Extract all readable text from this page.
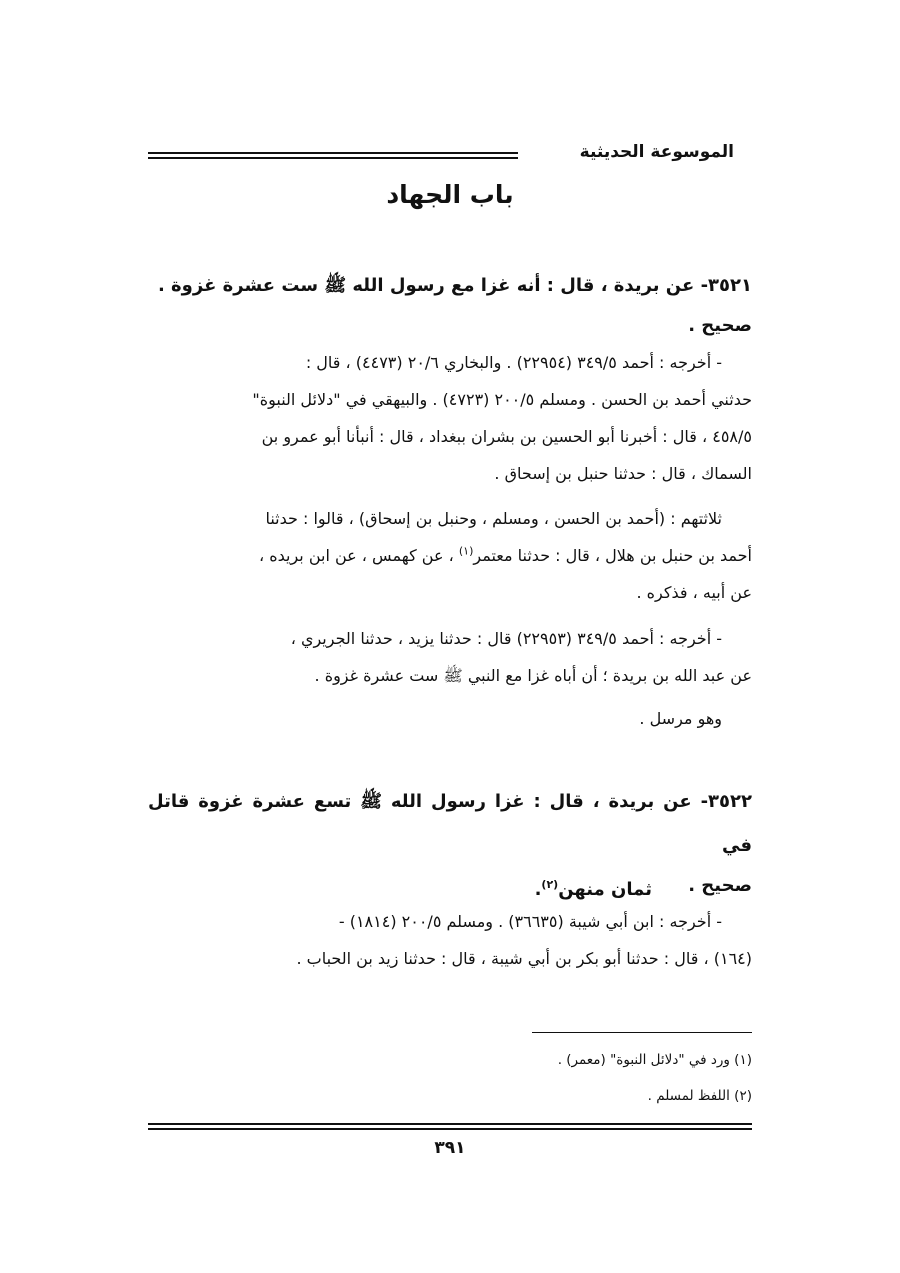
الموسوعة الحديثية
باب الجهاد
٣٥٢١- عن بريدة ، قال : أنه غزا مع رسول الله ﷺ ست عشرة غزوة .
صحيح .
- أخرجه : أحمد ٣٤٩/٥ (٢٢٩٥٤) . والبخاري ٢٠/٦ (٤٤٧٣) ، قال :
حدثني أحمد بن الحسن . ومسلم ٢٠٠/٥ (٤٧٢٣) . والبيهقي في "دلائل النبوة"
٤٥٨/٥ ، قال : أخبرنا أبو الحسين بن بشران ببغداد ، قال : أنبأنا أبو عمرو بن
السماك ، قال : حدثنا حنبل بن إسحاق .
ثلاثتهم : (أحمد بن الحسن ، ومسلم ، وحنبل بن إسحاق) ، قالوا : حدثنا
أحمد بن حنبل بن هلال ، قال : حدثنا معتمر$^{(١)}$ ، عن كهمس ، عن ابن بريده ،
عن أبيه ، فذكره .
- أخرجه : أحمد ٣٤٩/٥ (٢٢٩٥٣) قال : حدثنا يزيد ، حدثنا الجريري ،
عن عبد الله بن بريدة ؛ أن أباه غزا مع النبي ﷺ ست عشرة غزوة .
وهو مرسل .
٣٥٢٢- عن بريدة ، قال : غزا رسول الله ﷺ تسع عشرة غزوة قاتل في
ثمان منهن$^{(٢)}$.	صحيح .
- أخرجه : ابن أبي شيبة (٣٦٦٣٥) . ومسلم ٢٠٠/٥ (١٨١٤) -
(١٦٤) ، قال : حدثنا أبو بكر بن أبي شيبة ، قال : حدثنا زيد بن الحباب .
(١) ورد في "دلائل النبوة" (معمر) .
(٢) اللفظ لمسلم .
٣٩١
